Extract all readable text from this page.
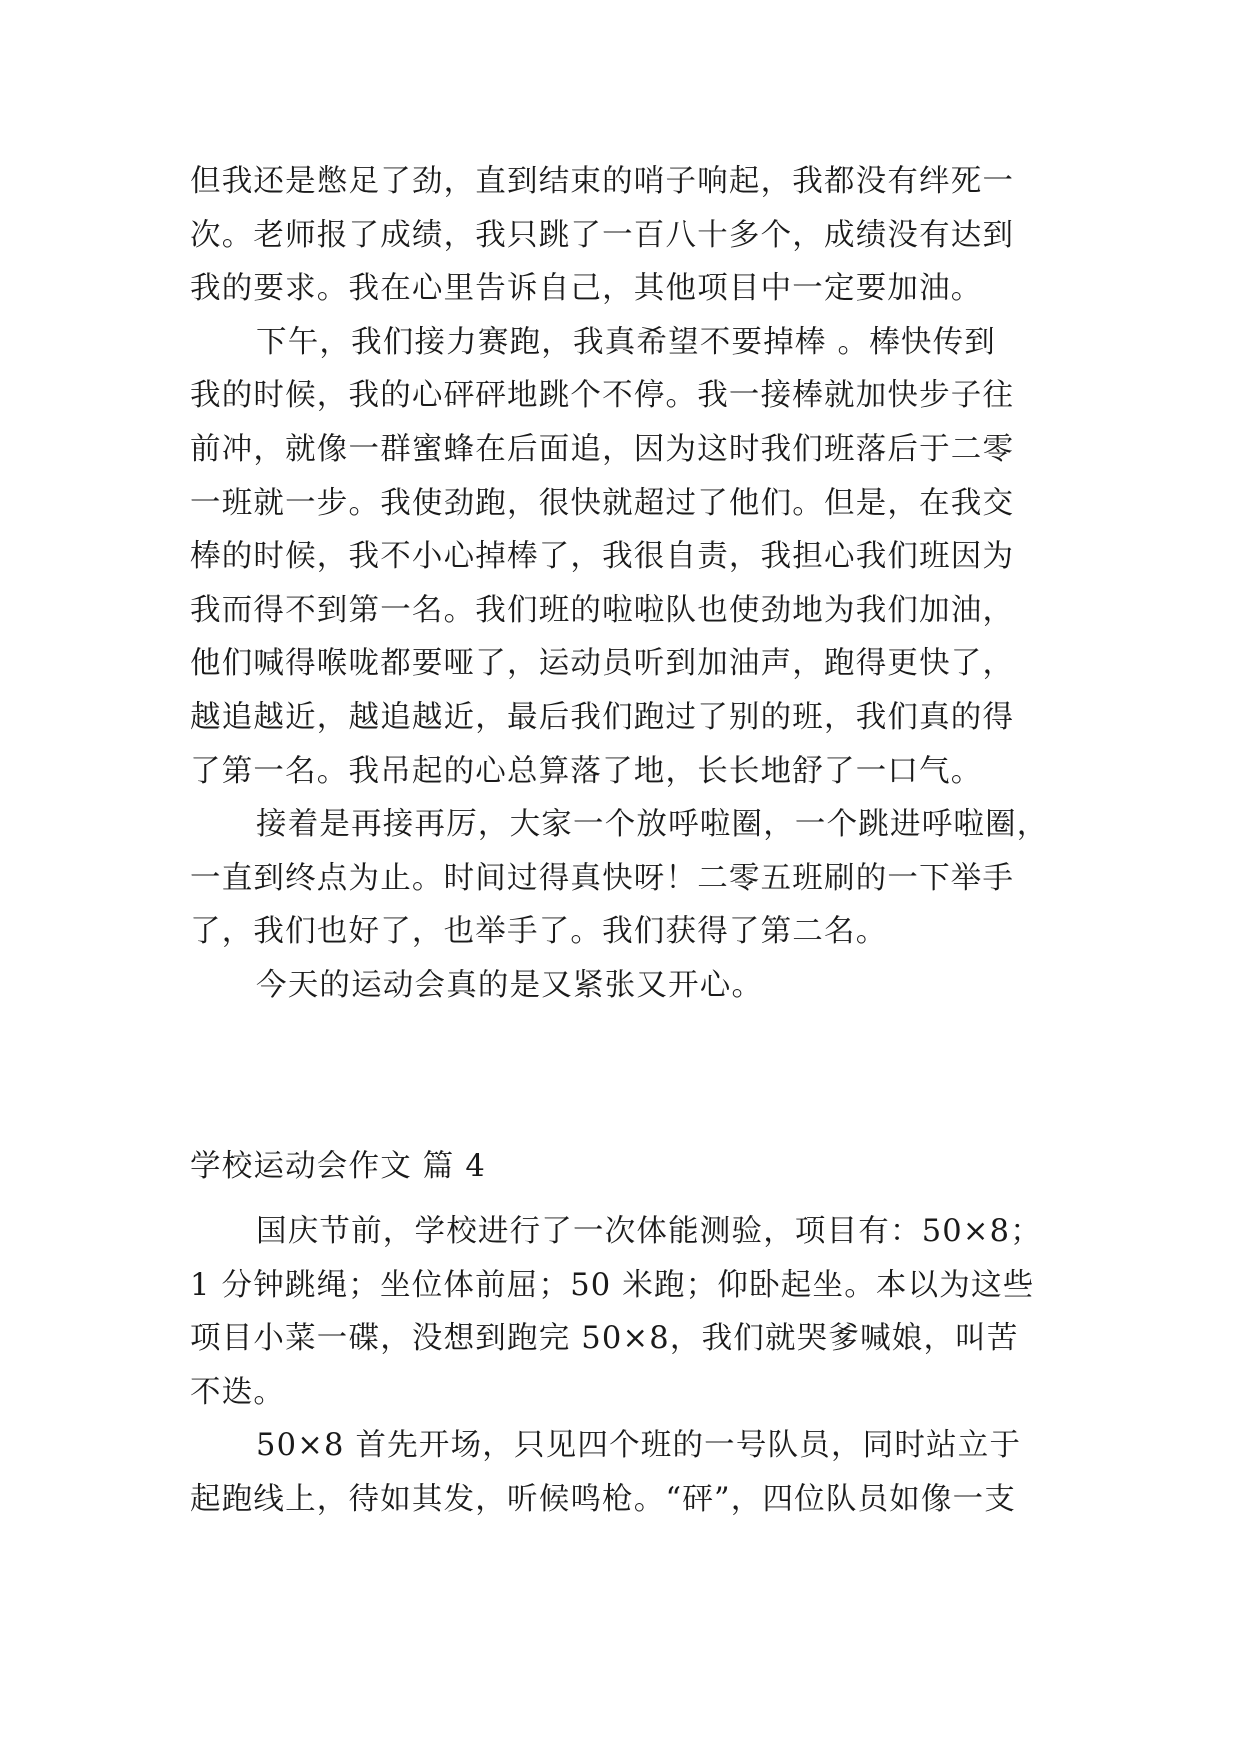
但我还是憋足了劲，直到结束的哨子响起，我都没有绊死一
次。老师报了成绩，我只跳了一百八十多个，成绩没有达到
我的要求。我在心里告诉自己，其他项目中一定要加油。
下午，我们接力赛跑，我真希望不要掉棒 。棒快传到
我的时候，我的心砰砰地跳个不停。我一接棒就加快步子往
前冲，就像一群蜜蜂在后面追，因为这时我们班落后于二零
一班就一步。我使劲跑，很快就超过了他们。但是，在我交
棒的时候，我不小心掉棒了，我很自责，我担心我们班因为
我而得不到第一名。我们班的啦啦队也使劲地为我们加油，
他们喊得喉咙都要哑了，运动员听到加油声，跑得更快了，
越追越近，越追越近，最后我们跑过了别的班，我们真的得
了第一名。我吊起的心总算落了地，长长地舒了一口气。
接着是再接再厉，大家一个放呼啦圈，一个跳进呼啦圈，
一直到终点为止。时间过得真快呀！二零五班刷的一下举手
了，我们也好了，也举手了。我们获得了第二名。
今天的运动会真的是又紧张又开心。
学校运动会作文 篇 4
国庆节前，学校进行了一次体能测验，项目有：50×8；
1 分钟跳绳；坐位体前屈；50 米跑；仰卧起坐。本以为这些
项目小菜一碟，没想到跑完 50×8，我们就哭爹喊娘，叫苦
不迭。
50×8 首先开场，只见四个班的一号队员，同时站立于
起跑线上，待如其发，听候鸣枪。“砰”，四位队员如像一支
